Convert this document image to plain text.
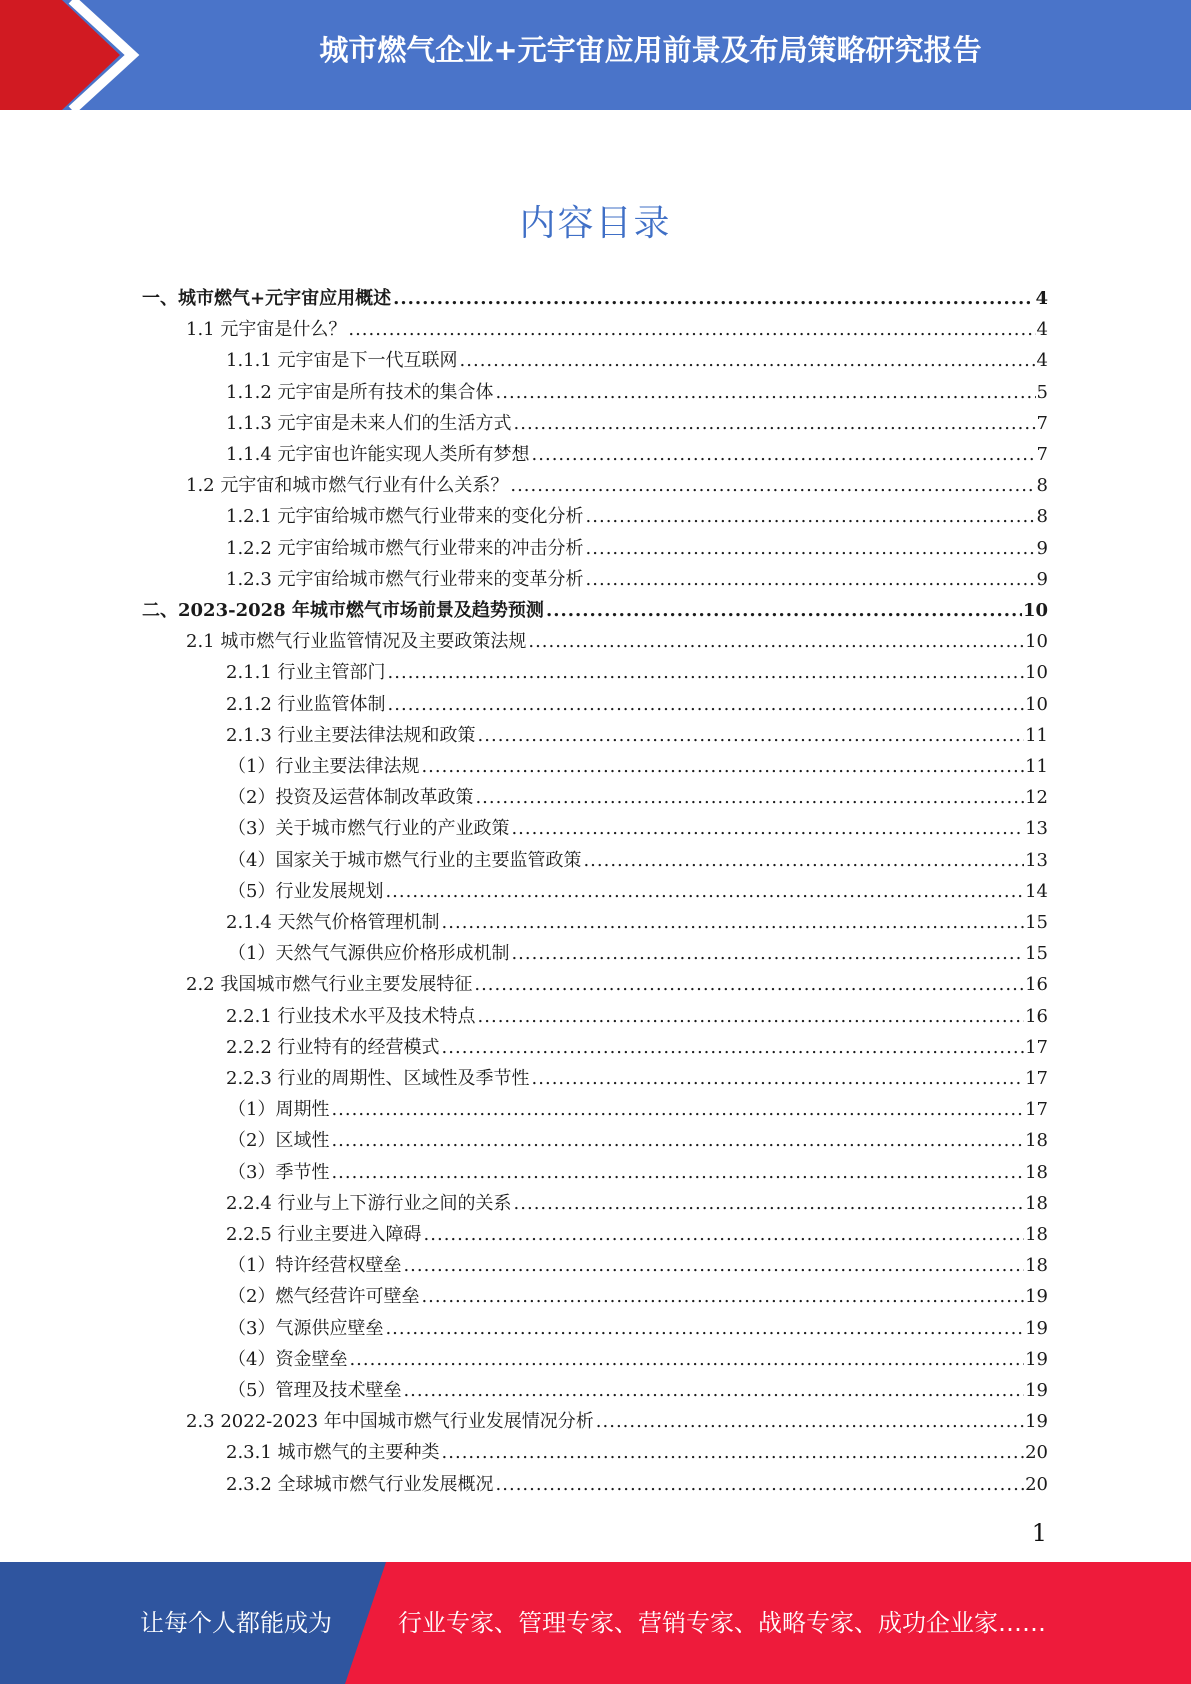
城市燃气企业+元宇宙应用前景及布局策略研究报告
内容目录
一、城市燃气+元宇宙应用概述 .....	4
1.1 元宇宙是什么？ .....	4
1.1.1 元宇宙是下一代互联网 .....	4
1.1.2 元宇宙是所有技术的集合体 .....	5
1.1.3 元宇宙是未来人们的生活方式 .....	7
1.1.4 元宇宙也许能实现人类所有梦想 .....	7
1.2 元宇宙和城市燃气行业有什么关系？ .....	8
1.2.1 元宇宙给城市燃气行业带来的变化分析 .....	8
1.2.2 元宇宙给城市燃气行业带来的冲击分析 .....	9
1.2.3 元宇宙给城市燃气行业带来的变革分析 .....	9
二、2023-2028 年城市燃气市场前景及趋势预测 .....	10
2.1 城市燃气行业监管情况及主要政策法规 .....	10
2.1.1 行业主管部门 .....	10
2.1.2 行业监管体制 .....	10
2.1.3 行业主要法律法规和政策 .....	11
（1）行业主要法律法规 .....	11
（2）投资及运营体制改革政策 .....	12
（3）关于城市燃气行业的产业政策 .....	13
（4）国家关于城市燃气行业的主要监管政策 .....	13
（5）行业发展规划 .....	14
2.1.4 天然气价格管理机制 .....	15
（1）天然气气源供应价格形成机制 .....	15
2.2 我国城市燃气行业主要发展特征 .....	16
2.2.1 行业技术水平及技术特点 .....	16
2.2.2 行业特有的经营模式 .....	17
2.2.3 行业的周期性、区域性及季节性 .....	17
（1）周期性 .....	17
（2）区域性 .....	18
（3）季节性 .....	18
2.2.4 行业与上下游行业之间的关系 .....	18
2.2.5 行业主要进入障碍 .....	18
（1）特许经营权壁垒 .....	18
（2）燃气经营许可壁垒 .....	19
（3）气源供应壁垒 .....	19
（4）资金壁垒 .....	19
（5）管理及技术壁垒 .....	19
2.3 2022-2023 年中国城市燃气行业发展情况分析 .....	19
2.3.1 城市燃气的主要种类 .....	20
2.3.2 全球城市燃气行业发展概况 .....	20
1
让每个人都能成为	行业专家、管理专家、营销专家、战略专家、成功企业家……
